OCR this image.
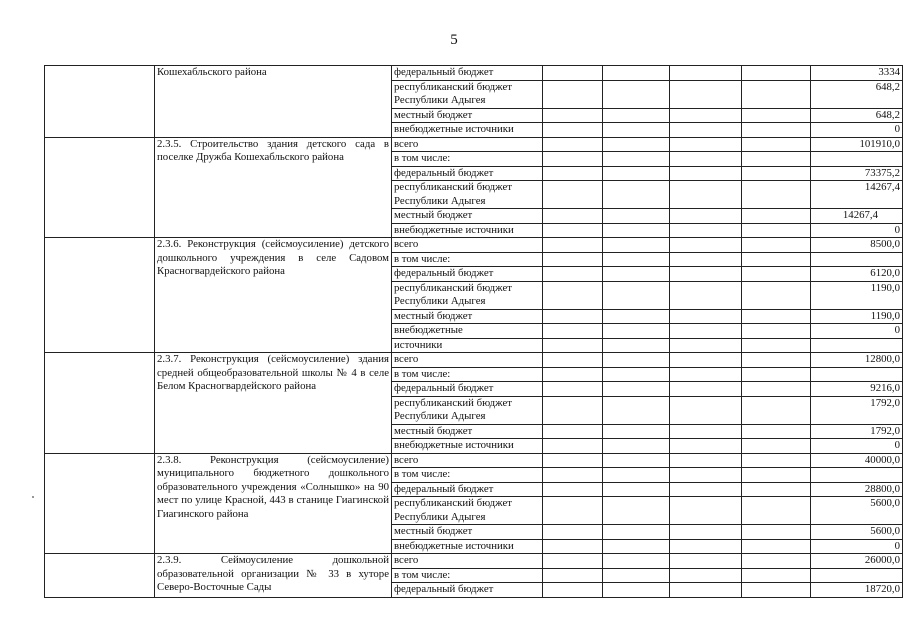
5
	Кошехабльского района	федеральный бюджет					3334
		республиканский бюджет Республики Адыгея					648,2
		местный бюджет					648,2
		внебюджетные источники					0
	2.3.5. Строительство здания детского сада в поселке Дружба Кошехабльского района	всего					101910,0
		в том числе:					
		федеральный бюджет					73375,2
		республиканский бюджет Республики Адыгея					14267,4
		местный бюджет					14267,4
		внебюджетные источники					0
	2.3.6. Реконструкция (сейсмоусиление) детского дошкольного учреждения в селе Садовом Красногвардейского района	всего					8500,0
		в том числе:					
		федеральный бюджет					6120,0
		республиканский бюджет Республики Адыгея					1190,0
		местный бюджет					1190,0
		внебюджетные					0
		источники					
	2.3.7. Реконструкция (сейсмоусиление) здания средней общеобразовательной школы № 4 в селе Белом Красногвардейского района	всего					12800,0
		в том числе:					
		федеральный бюджет					9216,0
		республиканский бюджет Республики Адыгея					1792,0
		местный бюджет					1792,0
		внебюджетные источники					0
	2.3.8. Реконструкция (сейсмоусиление) муниципального бюджетного дошкольного образовательного учреждения «Солнышко» на 90 мест по улице Красной, 443 в станице Гиагинской Гиагинского района	всего					40000,0
		в том числе:					
		федеральный бюджет					28800,0
		республиканский бюджет Республики Адыгея					5600,0
		местный бюджет					5600,0
		внебюджетные источники					0
	2.3.9. Сеймоусиление дошкольной образовательной организации № 33 в хуторе Северо-Восточные Сады	всего					26000,0
		в том числе:					
		федеральный бюджет					18720,0
